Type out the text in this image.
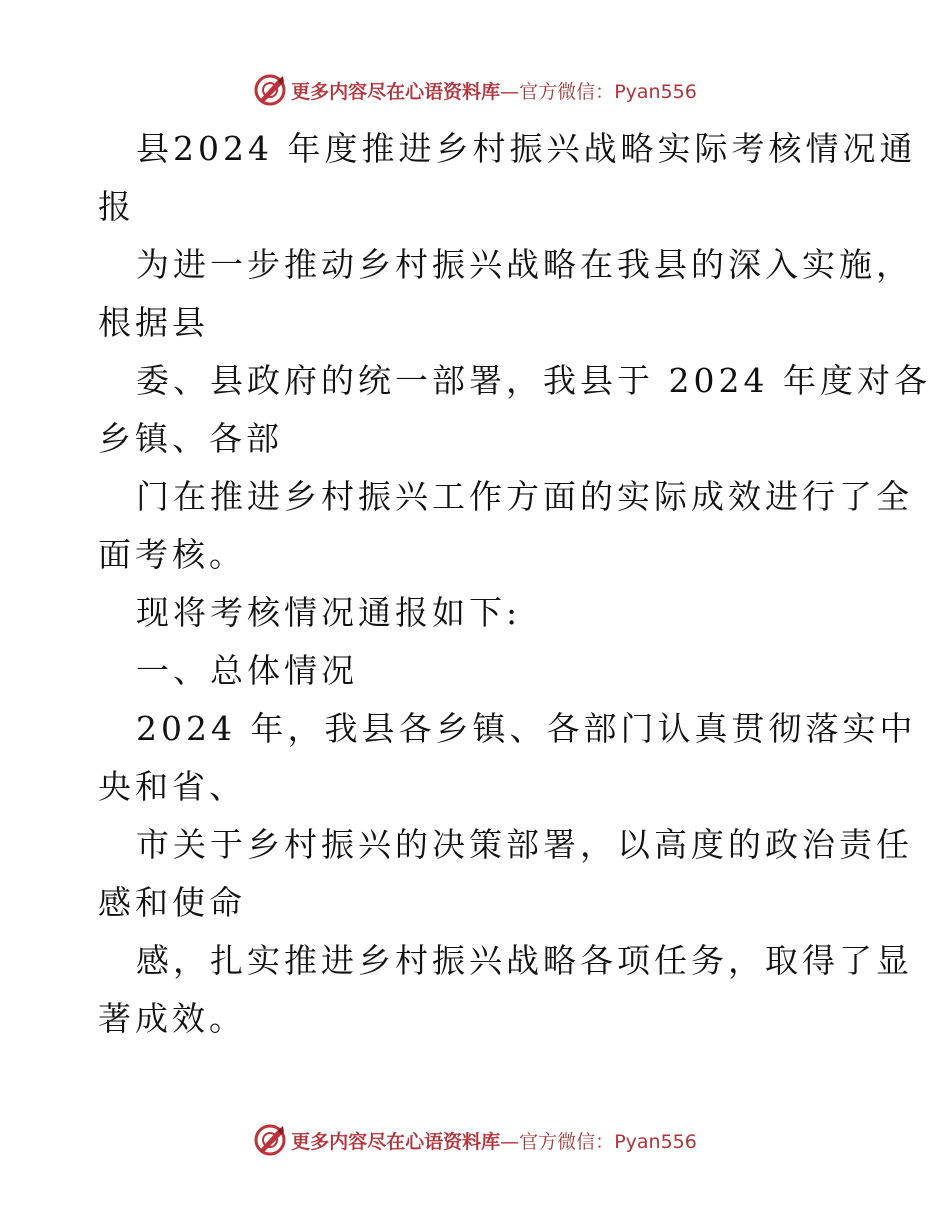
更多内容尽在心语资料库—官方微信：Pyan556
县2024 年度推进乡村振兴战略实际考核情况通
报
为进一步推动乡村振兴战略在我县的深入实施，
根据县
委、县政府的统一部署，我县于 2024 年度对各
乡镇、各部
门在推进乡村振兴工作方面的实际成效进行了全
面考核。
现将考核情况通报如下:
一、总体情况
2024 年，我县各乡镇、各部门认真贯彻落实中
央和省、
市关于乡村振兴的决策部署，以高度的政治责任
感和使命
感，扎实推进乡村振兴战略各项任务，取得了显
著成效。
更多内容尽在心语资料库—官方微信：Pyan556
